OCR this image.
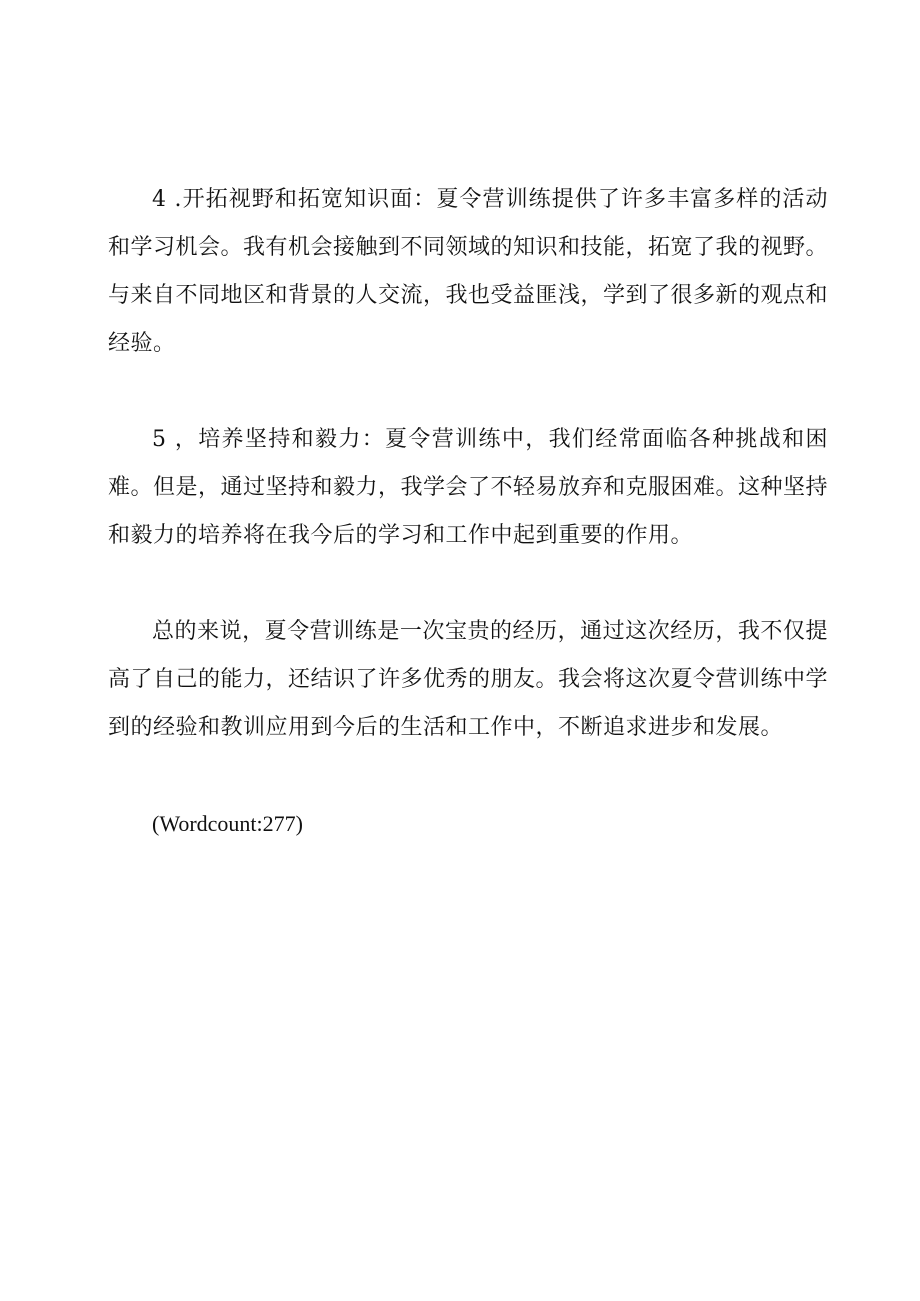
4 .开拓视野和拓宽知识面：夏令营训练提供了许多丰富多样的活动和学习机会。我有机会接触到不同领域的知识和技能，拓宽了我的视野。与来自不同地区和背景的人交流，我也受益匪浅，学到了很多新的观点和经验。

5 ，培养坚持和毅力：夏令营训练中，我们经常面临各种挑战和困难。但是，通过坚持和毅力，我学会了不轻易放弃和克服困难。这种坚持和毅力的培养将在我今后的学习和工作中起到重要的作用。

总的来说，夏令营训练是一次宝贵的经历，通过这次经历，我不仅提高了自己的能力，还结识了许多优秀的朋友。我会将这次夏令营训练中学到的经验和教训应用到今后的生活和工作中，不断追求进步和发展。

(Wordcount:277)
